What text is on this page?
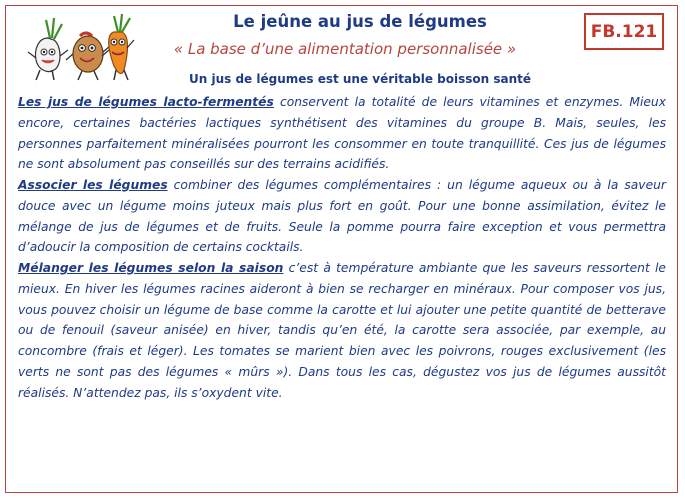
Le jeûne au jus de légumes
« La base d’une alimentation personnalisée »
FB.121
Un jus de légumes est une véritable boisson santé

Les jus de légumes lacto-fermentés conservent la totalité de leurs vitamines et enzymes. Mieux encore, certaines bactéries lactiques synthétisent des vitamines du groupe B. Mais, seules, les personnes parfaitement minéralisées pourront les consommer en toute tranquillité. Ces jus de légumes ne sont absolument pas conseillés sur des terrains acidifiés.

Associer les légumes combiner des légumes complémentaires : un légume aqueux ou à la saveur douce avec un légume moins juteux mais plus fort en goût. Pour une bonne assimilation, évitez le mélange de jus de légumes et de fruits. Seule la pomme pourra faire exception et vous permettra d’adoucir la composition de certains cocktails.

Mélanger les légumes selon la saison c’est à température ambiante que les saveurs ressortent le mieux. En hiver les légumes racines aideront à bien se recharger en minéraux. Pour composer vos jus, vous pouvez choisir un légume de base comme la carotte et lui ajouter une petite quantité de betterave ou de fenouil (saveur anisée) en hiver, tandis qu’en été, la carotte sera associée, par exemple, au concombre (frais et léger). Les tomates se marient bien avec les poivrons, rouges exclusivement (les verts ne sont pas des légumes « mûrs »). Dans tous les cas, dégustez vos jus de légumes aussitôt réalisés. N’attendez pas, ils s’oxydent vite.
